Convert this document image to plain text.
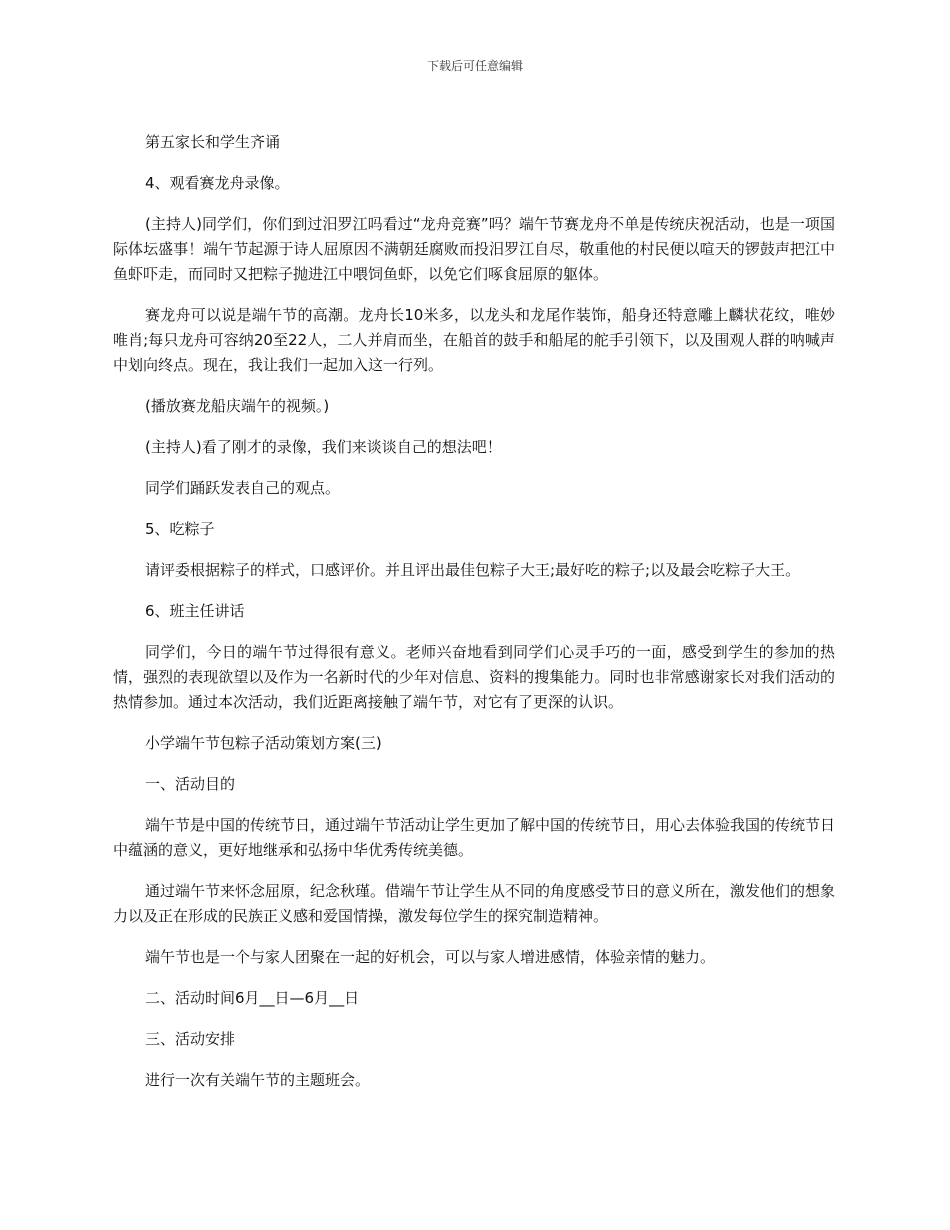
下载后可任意编辑

第五家长和学生齐诵

4、观看赛龙舟录像。

(主持人)同学们，你们到过汨罗江吗看过“龙舟竞赛”吗？端午节赛龙舟不单是传统庆祝活动，也是一项国际体坛盛事！端午节起源于诗人屈原因不满朝廷腐败而投汨罗江自尽，敬重他的村民便以喧天的锣鼓声把江中鱼虾吓走，而同时又把粽子抛进江中喂饲鱼虾，以免它们啄食屈原的躯体。

赛龙舟可以说是端午节的高潮。龙舟长10米多，以龙头和龙尾作装饰，船身还特意雕上麟状花纹，唯妙唯肖;每只龙舟可容纳20至22人，二人并肩而坐，在船首的鼓手和船尾的舵手引领下，以及围观人群的呐喊声中划向终点。现在，我让我们一起加入这一行列。

(播放赛龙船庆端午的视频。)

(主持人)看了刚才的录像，我们来谈谈自己的想法吧！

同学们踊跃发表自己的观点。

5、吃粽子

请评委根据粽子的样式，口感评价。并且评出最佳包粽子大王;最好吃的粽子;以及最会吃粽子大王。

6、班主任讲话

同学们，今日的端午节过得很有意义。老师兴奋地看到同学们心灵手巧的一面，感受到学生的参加的热情，强烈的表现欲望以及作为一名新时代的少年对信息、资料的搜集能力。同时也非常感谢家长对我们活动的热情参加。通过本次活动，我们近距离接触了端午节，对它有了更深的认识。

小学端午节包粽子活动策划方案(三)

一、活动目的

端午节是中国的传统节日，通过端午节活动让学生更加了解中国的传统节日，用心去体验我国的传统节日中蕴涵的意义，更好地继承和弘扬中华优秀传统美德。

通过端午节来怀念屈原，纪念秋瑾。借端午节让学生从不同的角度感受节日的意义所在，激发他们的想象力以及正在形成的民族正义感和爱国情操，激发每位学生的探究制造精神。

端午节也是一个与家人团聚在一起的好机会，可以与家人增进感情，体验亲情的魅力。

二、活动时间6月__日—6月__日

三、活动安排

进行一次有关端午节的主题班会。
